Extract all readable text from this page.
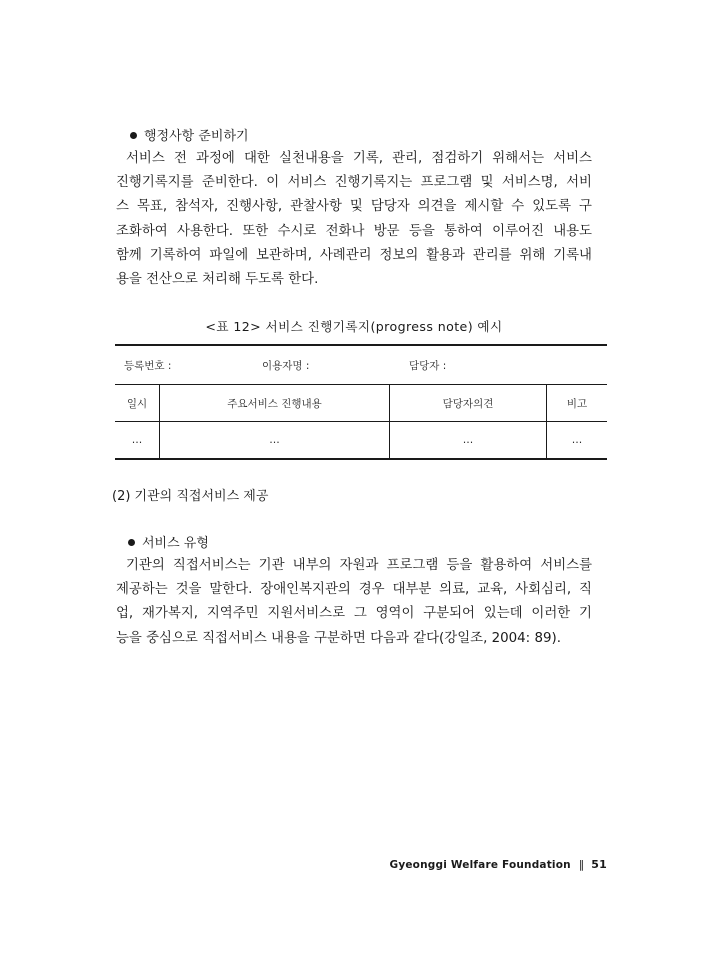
행정사항 준비하기
서비스 전 과정에 대한 실천내용을 기록, 관리, 점검하기 위해서는 서비스
진행기록지를 준비한다. 이 서비스 진행기록지는 프로그램 및 서비스명, 서비
스 목표, 참석자, 진행사항, 관찰사항 및 담당자 의견을 제시할 수 있도록 구
조화하여 사용한다. 또한 수시로 전화나 방문 등을 통하여 이루어진 내용도
함께 기록하여 파일에 보관하며, 사례관리 정보의 활용과 관리를 위해 기록내
용을 전산으로 처리해 두도록 한다.
<표 12> 서비스 진행기록지(progress note) 예시
등록번호 : 이용자명 : 담당자 :			
일시	주요서비스 진행내용	담당자의견	비고
…	…	…	…
(2) 기관의 직접서비스 제공
서비스 유형
기관의 직접서비스는 기관 내부의 자원과 프로그램 등을 활용하여 서비스를
제공하는 것을 말한다. 장애인복지관의 경우 대부분 의료, 교육, 사회심리, 직
업, 재가복지, 지역주민 지원서비스로 그 영역이 구분되어 있는데 이러한 기
능을 중심으로 직접서비스 내용을 구분하면 다음과 같다(강일조, 2004: 89).
Gyeonggi Welfare Foundation ‖ 51
